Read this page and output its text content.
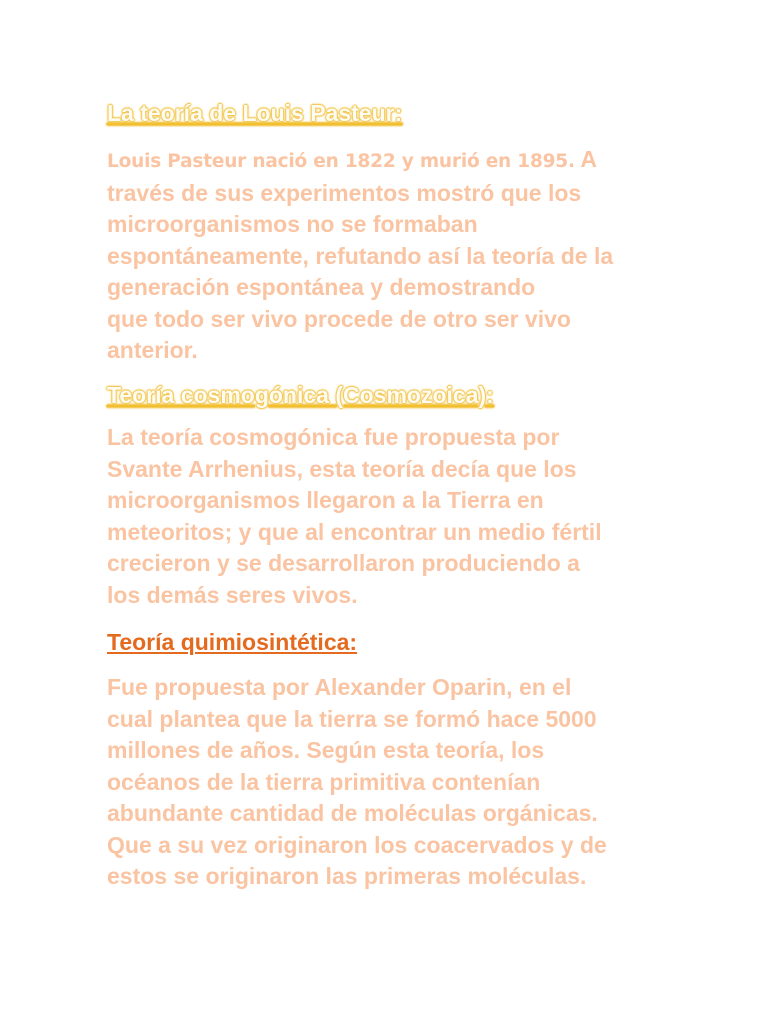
La teoría de Louis Pasteur:

Louis Pasteur nació en 1822 y murió en 1895. A
través de sus experimentos mostró que los
microorganismos no se formaban
espontáneamente, refutando así la teoría de la
generación espontánea y demostrando
que todo ser vivo procede de otro ser vivo
anterior.

Teoría cosmogónica (Cosmozoica):

La teoría cosmogónica fue propuesta por
Svante Arrhenius, esta teoría decía que los
microorganismos llegaron a la Tierra en
meteoritos; y que al encontrar un medio fértil
crecieron y se desarrollaron produciendo a
los demás seres vivos.

Teoría quimiosintética:

Fue propuesta por Alexander Oparin, en el
cual plantea que la tierra se formó hace 5000
millones de años. Según esta teoría, los
océanos de la tierra primitiva contenían
abundante cantidad de moléculas orgánicas.
Que a su vez originaron los coacervados y de
estos se originaron las primeras moléculas.
